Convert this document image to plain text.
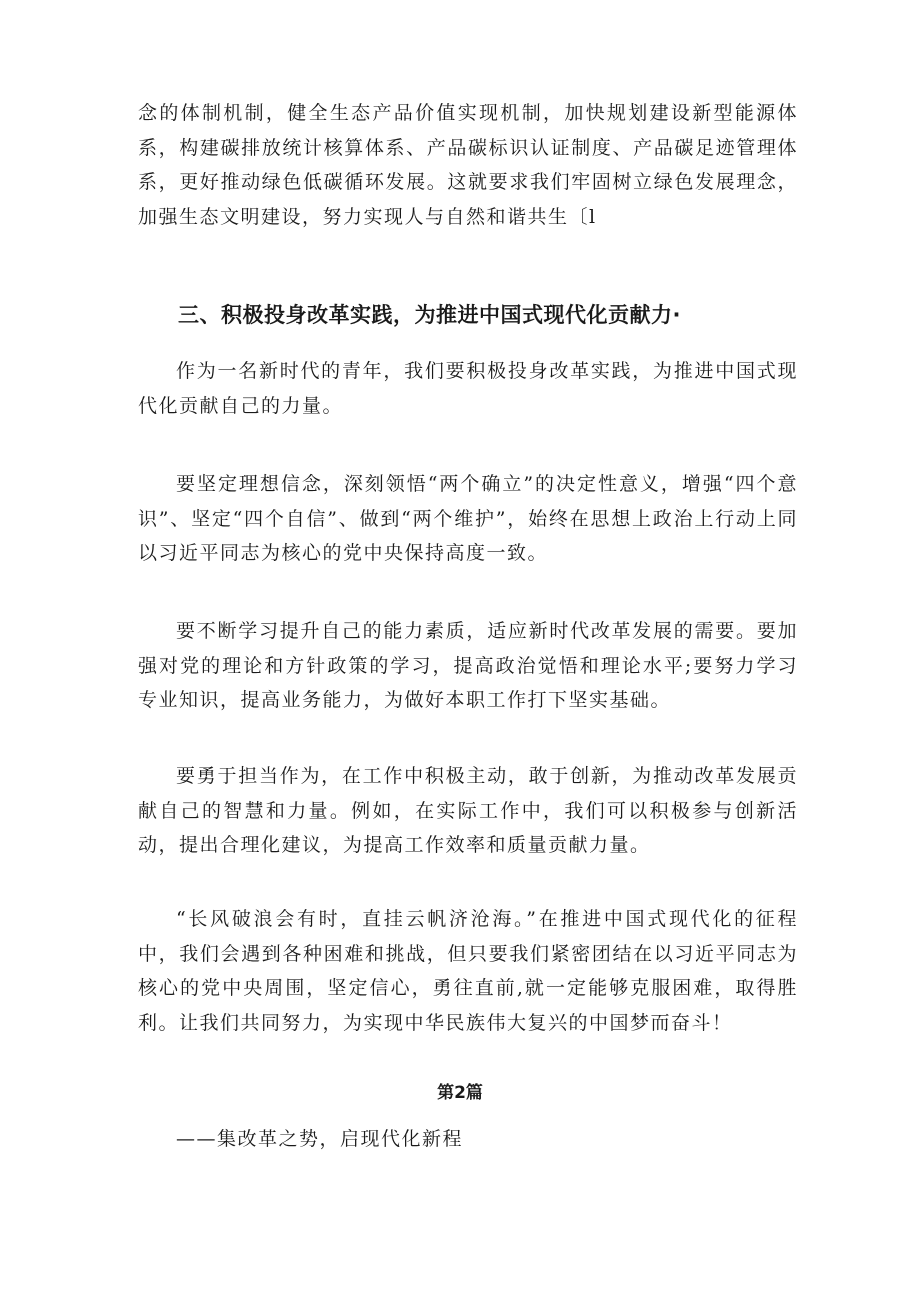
念的体制机制，健全生态产品价值实现机制，加快规划建设新型能源体系，构建碳排放统计核算体系、产品碳标识认证制度、产品碳足迹管理体系，更好推动绿色低碳循环发展。这就要求我们牢固树立绿色发展理念，加强生态文明建设，努力实现人与自然和谐共生〔l

三、积极投身改革实践，为推进中国式现代化贡献力·

作为一名新时代的青年，我们要积极投身改革实践，为推进中国式现代化贡献自己的力量。

要坚定理想信念，深刻领悟“两个确立”的决定性意义，增强“四个意识”、坚定“四个自信”、做到“两个维护”，始终在思想上政治上行动上同以习近平同志为核心的党中央保持高度一致。

要不断学习提升自己的能力素质，适应新时代改革发展的需要。要加强对党的理论和方针政策的学习，提高政治觉悟和理论水平;要努力学习专业知识，提高业务能力，为做好本职工作打下坚实基础。

要勇于担当作为，在工作中积极主动，敢于创新，为推动改革发展贡献自己的智慧和力量。例如，在实际工作中，我们可以积极参与创新活动，提出合理化建议，为提高工作效率和质量贡献力量。

“长风破浪会有时，直挂云帆济沧海。”在推进中国式现代化的征程中，我们会遇到各种困难和挑战，但只要我们紧密团结在以习近平同志为核心的党中央周围，坚定信心，勇往直前,就一定能够克服困难，取得胜利。让我们共同努力，为实现中华民族伟大复兴的中国梦而奋斗！

第2篇
——集改革之势，启现代化新程
